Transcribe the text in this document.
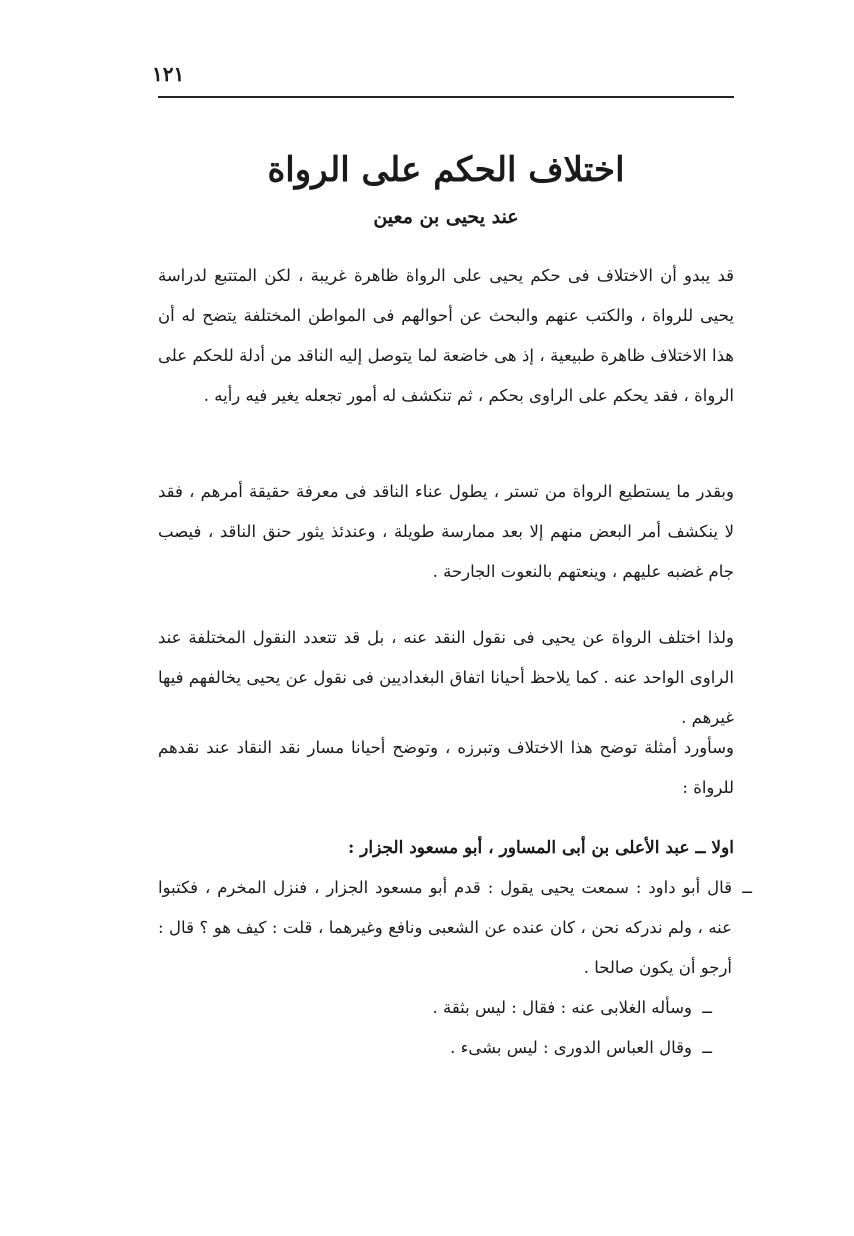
١٢١
اختلاف الحكم على الرواة
عند يحيى بن معين

قد يبدو أن الاختلاف فى حكم يحيى على الرواة ظاهرة غريبة ، لكن المتتبع لدراسة يحيى للرواة ، والكتب عنهم والبحث عن أحوالهم فى المواطن المختلفة يتضح له أن هذا الاختلاف ظاهرة طبيعية ، إذ هى خاضعة لما يتوصل إليه الناقد من أدلة للحكم على الرواة ، فقد يحكم على الراوى بحكم ، ثم تنكشف له أمور تجعله يغير فيه رأيه .

وبقدر ما يستطيع الرواة من تستر ، يطول عناء الناقد فى معرفة حقيقة أمرهم ، فقد لا ينكشف أمر البعض منهم إلا بعد ممارسة طويلة ، وعندئذ يثور حنق الناقد ، فيصب جام غضبه عليهم ، وينعتهم بالنعوت الجارحة .

ولذا اختلف الرواة عن يحيى فى نقول النقد عنه ، بل قد تتعدد النقول المختلفة عند الراوى الواحد عنه . كما يلاحظ أحيانا اتفاق البغداديين فى نقول عن يحيى يخالفهم فيها غيرهم .

وسأورد أمثلة توضح هذا الاختلاف وتبرزه ، وتوضح أحيانا مسار نقد النقاد عند نقدهم للرواة :

اولا ــ عبد الأعلى بن أبى المساور ، أبو مسعود الجزار :
ــ
قال أبو داود : سمعت يحيى يقول : قدم أبو مسعود الجزار ، فنزل المخرم ، فكتبوا عنه ، ولم ندركه نحن ، كان عنده عن الشعبى ونافع وغيرهما ، قلت : كيف هو ؟ قال : أرجو أن يكون صالحا .
ــ
وسأله الغلابى عنه : فقال : ليس بثقة .
ــ
وقال العباس الدورى : ليس بشىء .
